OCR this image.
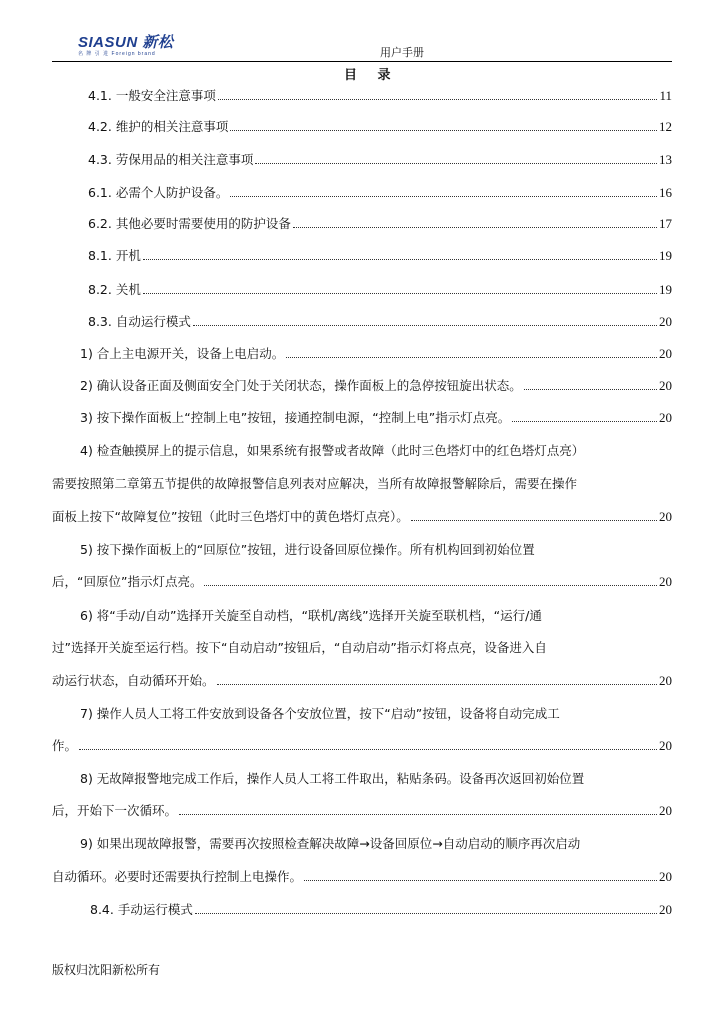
SIASUN 新松
名 牌 引 进 Foreign brand	用户手册
目 录
4.1. 一般安全注意事项	11
4.2. 维护的相关注意事项	12
4.3. 劳保用品的相关注意事项	13
6.1. 必需个人防护设备。	16
6.2. 其他必要时需要使用的防护设备	17
8.1. 开机	19
8.2. 关机	19
8.3. 自动运行模式	20
1) 合上主电源开关，设备上电启动。	20
2) 确认设备正面及侧面安全门处于关闭状态，操作面板上的急停按钮旋出状态。	20
3) 按下操作面板上“控制上电”按钮，接通控制电源，“控制上电”指示灯点亮。	20
4) 检查触摸屏上的提示信息，如果系统有报警或者故障（此时三色塔灯中的红色塔灯点亮）
需要按照第二章第五节提供的故障报警信息列表对应解决，当所有故障报警解除后，需要在操作
面板上按下“故障复位”按钮（此时三色塔灯中的黄色塔灯点亮）。	20
5) 按下操作面板上的“回原位”按钮，进行设备回原位操作。所有机构回到初始位置
后，“回原位”指示灯点亮。	20
6) 将“手动/自动”选择开关旋至自动档，“联机/离线”选择开关旋至联机档，“运行/通
过”选择开关旋至运行档。按下“自动启动”按钮后，“自动启动”指示灯将点亮，设备进入自
动运行状态，自动循环开始。	20
7) 操作人员人工将工件安放到设备各个安放位置，按下“启动”按钮，设备将自动完成工
作。	20
8) 无故障报警地完成工作后，操作人员人工将工件取出，粘贴条码。设备再次返回初始位置
后，开始下一次循环。	20
9) 如果出现故障报警，需要再次按照检查解决故障→设备回原位→自动启动的顺序再次启动
自动循环。必要时还需要执行控制上电操作。	20
8.4. 手动运行模式	20
版权归沈阳新松所有
